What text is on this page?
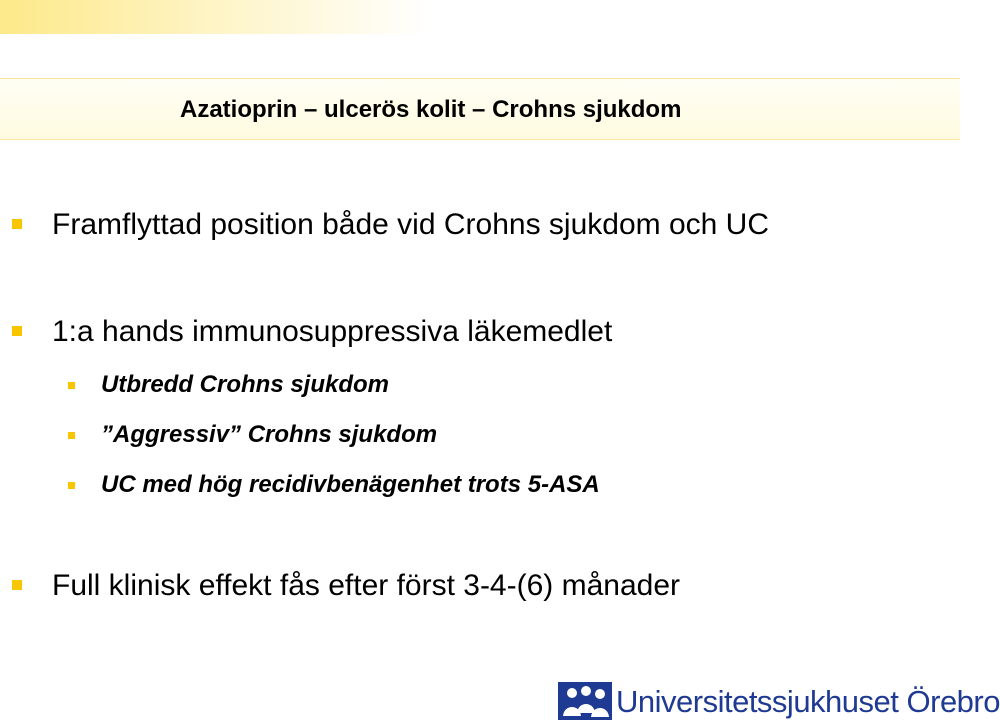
Azatioprin – ulcerös kolit – Crohns sjukdom
Framflyttad position både vid Crohns sjukdom och UC
1:a hands immunosuppressiva läkemedlet
Utbredd Crohns sjukdom
”Aggressiv” Crohns sjukdom
UC med hög recidivbenägenhet trots 5-ASA
Full klinisk effekt fås efter först 3-4-(6) månader
Universitetssjukhuset Örebro
